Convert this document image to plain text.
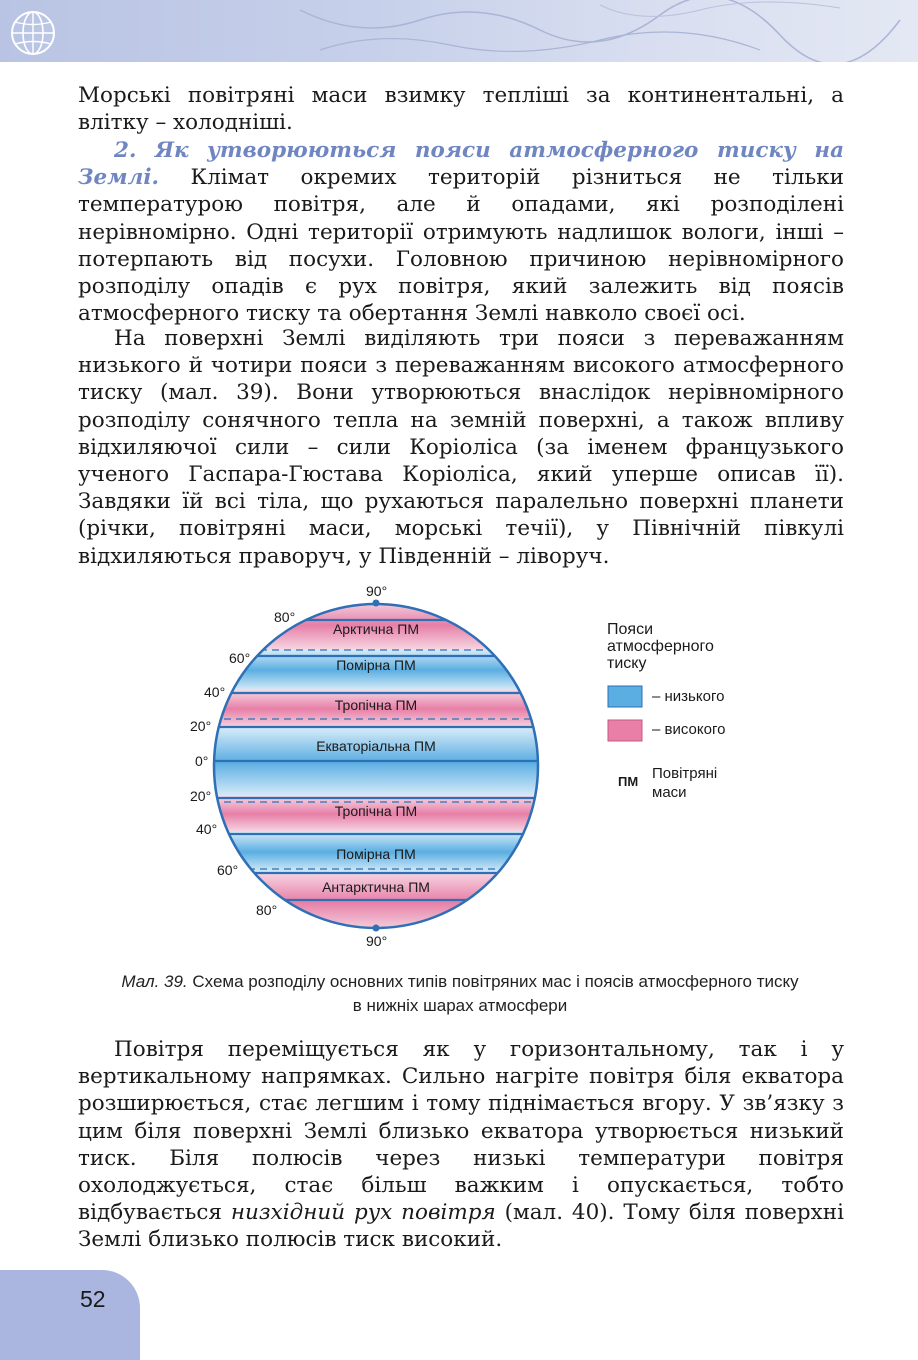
Морські повітряні маси взимку тепліші за континентальні, а влітку – холодніші.

2. Як утворюються пояси атмосферного тиску на Землі. Клімат окремих територій різниться не тільки температурою повітря, але й опадами, які розподілені нерівномірно. Одні території отримують надлишок вологи, інші – потерпають від посухи. Головною причиною нерівномірного розподілу опадів є рух повітря, який залежить від поясів атмосферного тиску та обертання Землі навколо своєї осі.

На поверхні Землі виділяють три пояси з переважанням низького й чотири пояси з переважанням високого атмосферного тиску (мал. 39). Вони утворюються внаслідок нерівномірного розподілу сонячного тепла на земній поверхні, а також впливу відхиляючої сили – сили Коріоліса (за іменем французького ученого Гаспара-Гюстава Коріоліса, який уперше описав її). Завдяки їй всі тіла, що рухаються паралельно поверхні планети (річки, повітряні маси, морські течії), у Північній півкулі відхиляються праворуч, у Південній – ліворуч.

Арктична ПМ
Помірна ПМ
Тропічна ПМ
Екваторіальна ПМ
Тропічна ПМ
Помірна ПМ
Антарктична ПМ
90°
80°
60°
40°
20°
0°
20°
40°
60°
80°
90°
Пояси
атмосферного
тиску
– низького
– високого
ПМ Повітряні
маси
Мал. 39. Схема розподілу основних типів повітряних мас і поясів атмосферного тиску в нижніх шарах атмосфери

Повітря переміщується як у горизонтальному, так і у вертикальному напрямках. Сильно нагріте повітря біля екватора розширюється, стає легшим і тому піднімається вгору. У зв’язку з цим біля поверхні Землі близько екватора утворюється низький тиск. Біля полюсів через низькі температури повітря охолоджується, стає більш важким і опускається, тобто відбувається низхідний рух повітря (мал. 40). Тому біля поверхні Землі близько полюсів тиск високий.

52
